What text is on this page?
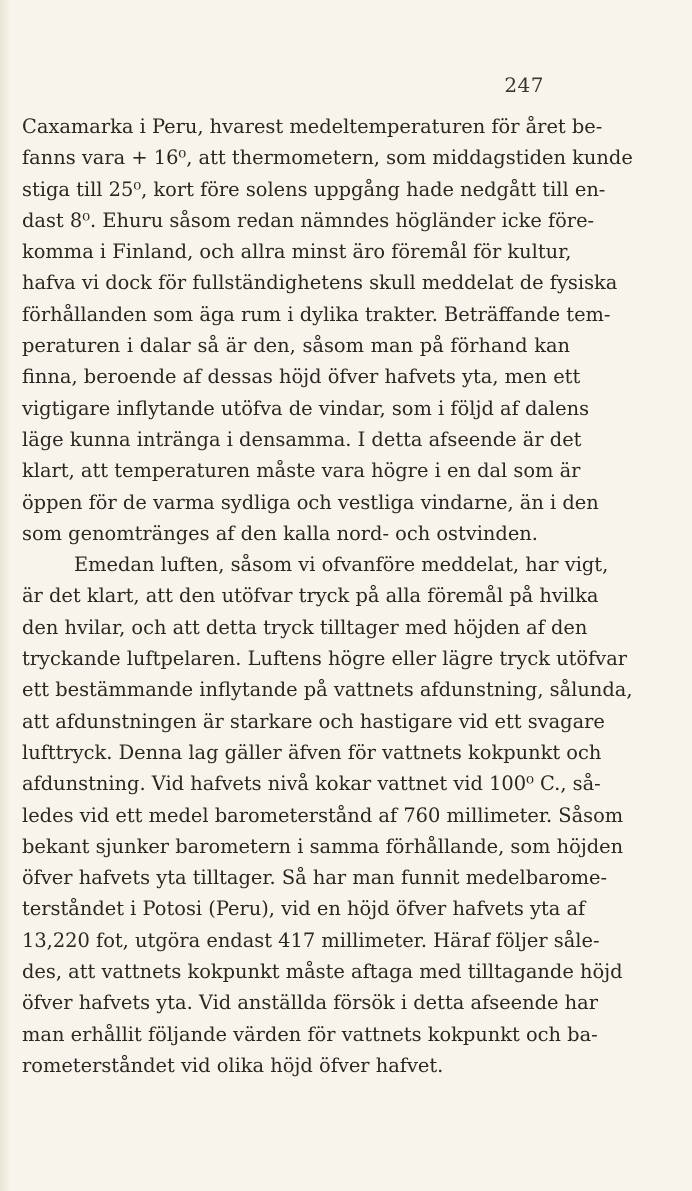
247
Caxamarka i Peru, hvarest medeltemperaturen för året be-
fanns vara + 16⁰, att thermometern, som middagstiden kunde
stiga till 25⁰, kort före solens uppgång hade nedgått till en-
dast 8⁰. Ehuru såsom redan nämndes högländer icke före-
komma i Finland, och allra minst äro föremål för kultur,
hafva vi dock för fullständighetens skull meddelat de fysiska
förhållanden som äga rum i dylika trakter. Beträffande tem-
peraturen i dalar så är den, såsom man på förhand kan
finna, beroende af dessas höjd öfver hafvets yta, men ett
vigtigare inflytande utöfva de vindar, som i följd af dalens
läge kunna intränga i densamma. I detta afseende är det
klart, att temperaturen måste vara högre i en dal som är
öppen för de varma sydliga och vestliga vindarne, än i den
som genomtränges af den kalla nord- och ostvinden.
Emedan luften, såsom vi ofvanföre meddelat, har vigt,
är det klart, att den utöfvar tryck på alla föremål på hvilka
den hvilar, och att detta tryck tilltager med höjden af den
tryckande luftpelaren. Luftens högre eller lägre tryck utöfvar
ett bestämmande inflytande på vattnets afdunstning, sålunda,
att afdunstningen är starkare och hastigare vid ett svagare
lufttryck. Denna lag gäller äfven för vattnets kokpunkt och
afdunstning. Vid hafvets nivå kokar vattnet vid 100⁰ C., så-
ledes vid ett medel barometerstånd af 760 millimeter. Såsom
bekant sjunker barometern i samma förhållande, som höjden
öfver hafvets yta tilltager. Så har man funnit medelbarome-
terståndet i Potosi (Peru), vid en höjd öfver hafvets yta af
13,220 fot, utgöra endast 417 millimeter. Häraf följer såle-
des, att vattnets kokpunkt måste aftaga med tilltagande höjd
öfver hafvets yta. Vid anställda försök i detta afseende har
man erhållit följande värden för vattnets kokpunkt och ba-
rometerståndet vid olika höjd öfver hafvet.
